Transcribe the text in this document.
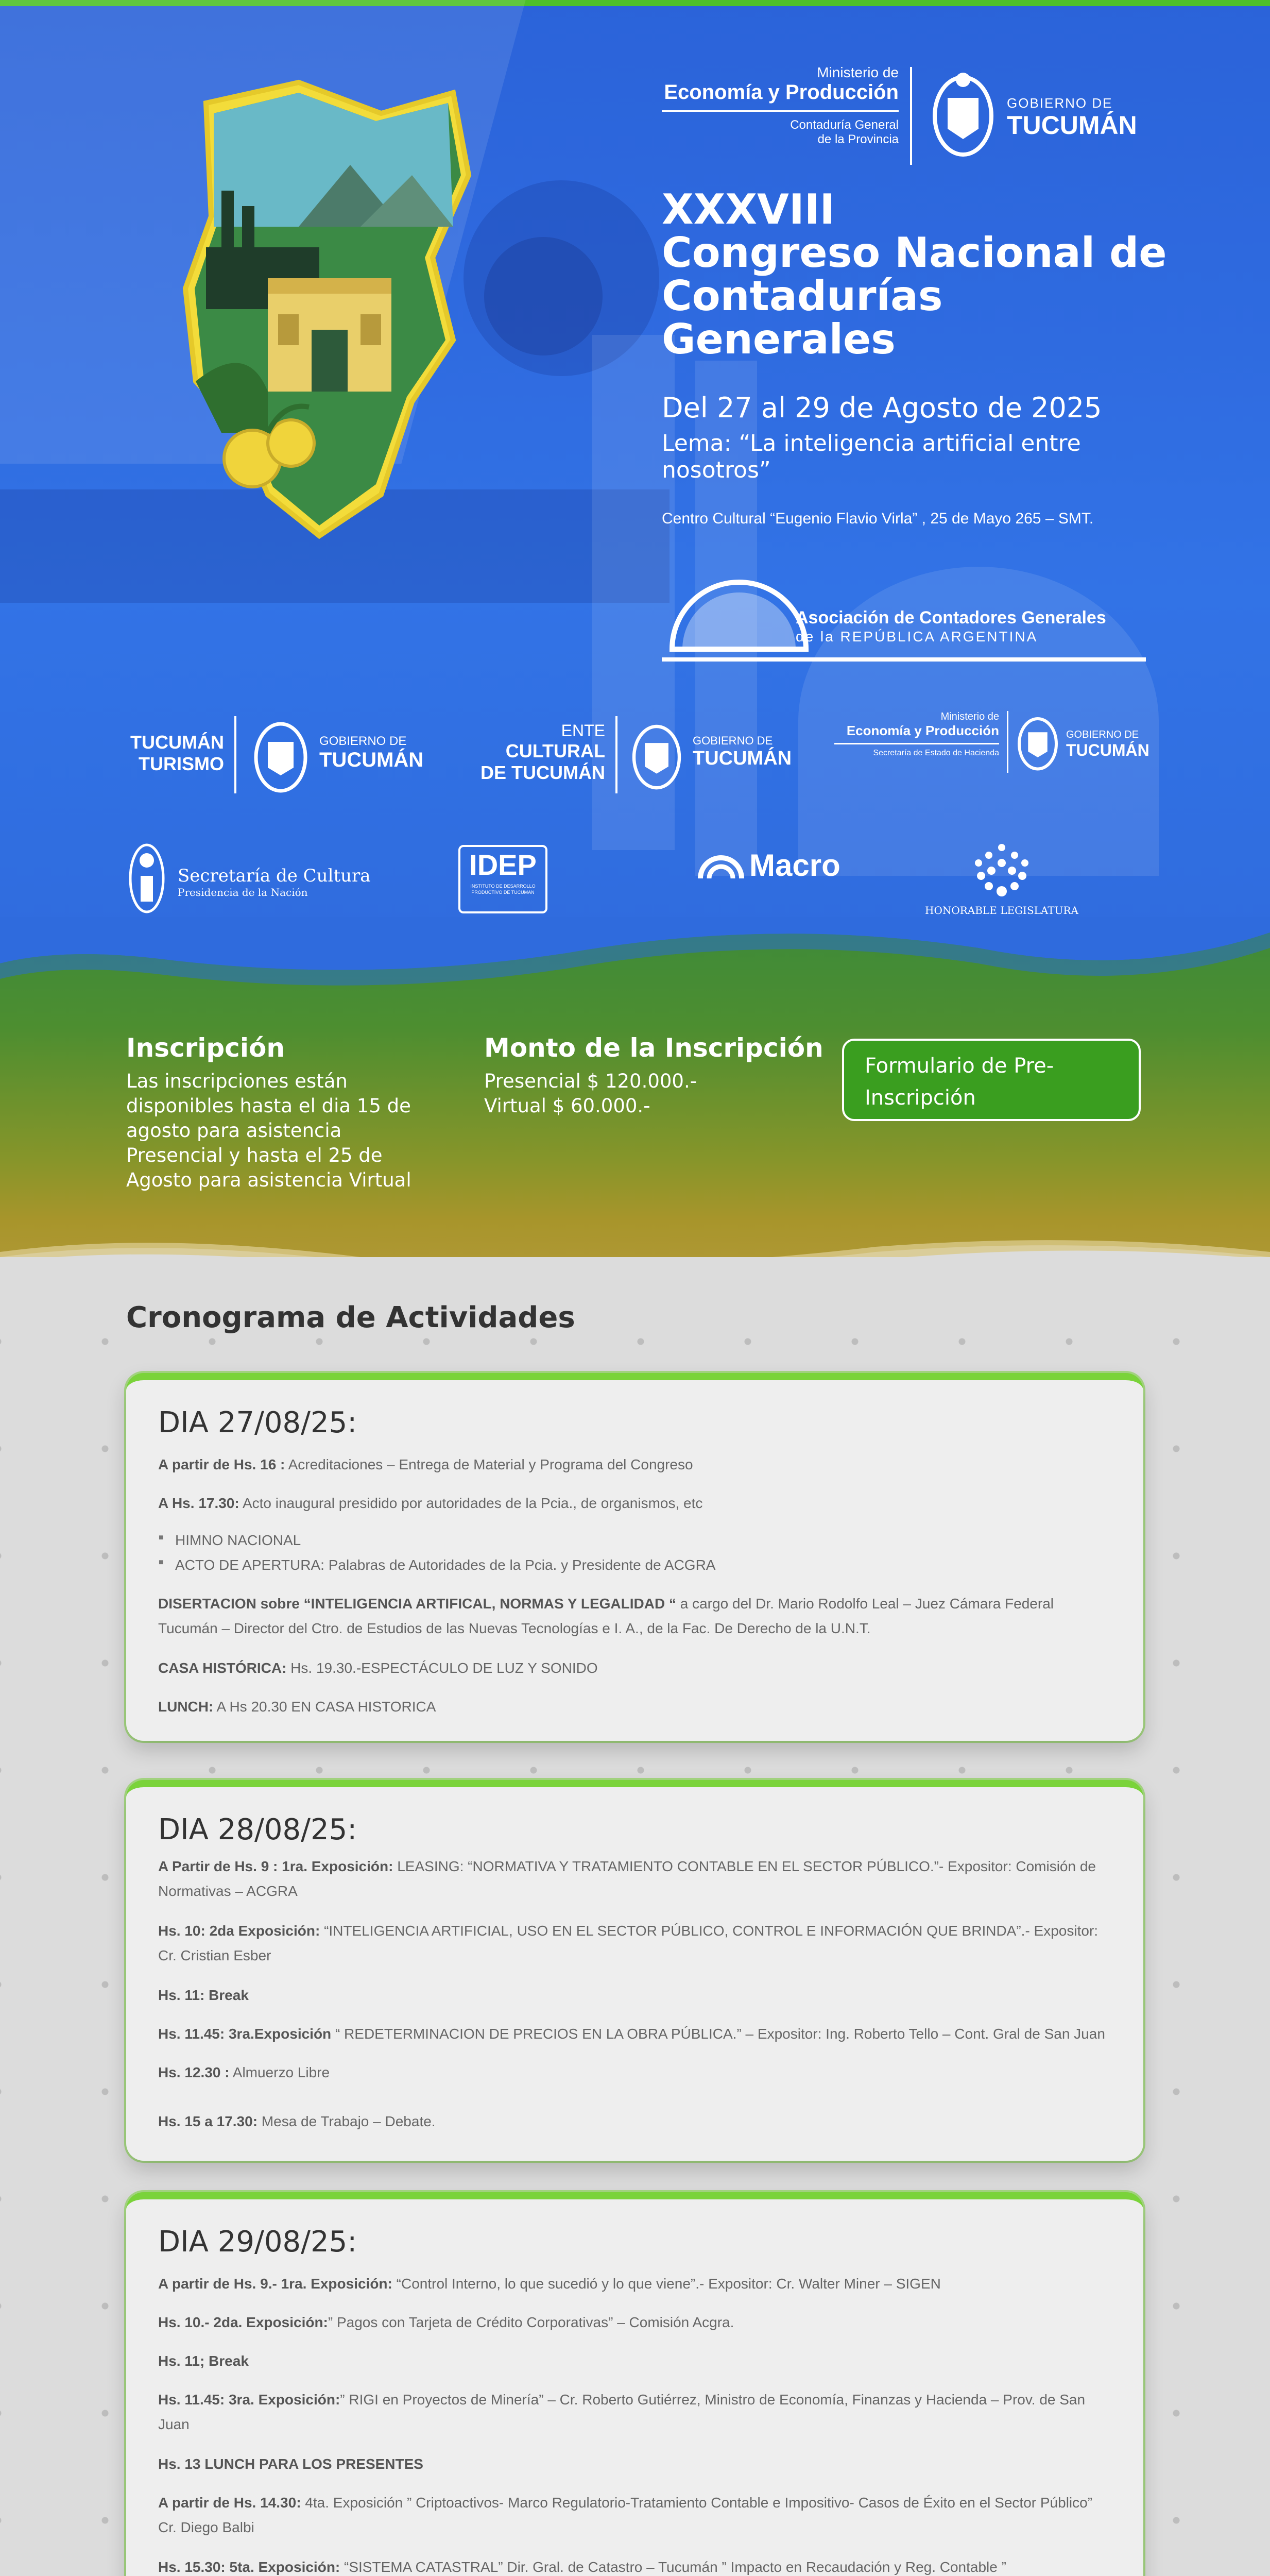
Ministerio de
Economía y Producción
Contaduría General
de la Provincia
GOBIERNO DE
TUCUMÁN
XXXVIII
Congreso Nacional de
Contadurías
Generales
Del 27 al 29 de Agosto de 2025
Lema: “La inteligencia artificial entre nosotros”
Centro Cultural “Eugenio Flavio Virla” , 25 de Mayo 265 – SMT.
Asociación de Contadores Generales
de la REPÚBLICA ARGENTINA
TUCUMÁN
TURISMO
GOBIERNO DE
TUCUMÁN
ENTE
CULTURAL
DE TUCUMÁN
GOBIERNO DE
TUCUMÁN
Ministerio de
Economía y Producción
Secretaría de Estado de Hacienda
GOBIERNO DE
TUCUMÁN
Secretaría de Cultura
Presidencia de la Nación
IDEP
INSTITUTO DE DESARROLLO PRODUCTIVO DE TUCUMÁN
Macro
HONORABLE LEGISLATURA
Inscripción
Las inscripciones están disponibles hasta el dia 15 de agosto para asistencia Presencial y hasta el 25 de Agosto para asistencia Virtual
Monto de la Inscripción
Presencial $ 120.000.-
Virtual $ 60.000.-
Formulario de Pre-Inscripción
Cronograma de Actividades
DIA 27/08/25:
A partir de Hs. 16 : Acreditaciones – Entrega de Material y Programa del Congreso
A Hs. 17.30: Acto inaugural presidido por autoridades de la Pcia., de organismos, etc
■ HIMNO NACIONAL
■ ACTO DE APERTURA: Palabras de Autoridades de la Pcia. y Presidente de ACGRA
DISERTACION sobre “INTELIGENCIA ARTIFICAL, NORMAS Y LEGALIDAD “ a cargo del Dr. Mario Rodolfo Leal – Juez Cámara Federal Tucumán – Director del Ctro. de Estudios de las Nuevas Tecnologías e I. A., de la Fac. De Derecho de la U.N.T.
CASA HISTÓRICA: Hs. 19.30.-ESPECTÁCULO DE LUZ Y SONIDO
LUNCH: A Hs 20.30 EN CASA HISTORICA
DIA 28/08/25:
A Partir de Hs. 9 : 1ra. Exposición: LEASING: “NORMATIVA Y TRATAMIENTO CONTABLE EN EL SECTOR PÚBLICO.”- Expositor: Comisión de Normativas – ACGRA
Hs. 10: 2da Exposición: “INTELIGENCIA ARTIFICIAL, USO EN EL SECTOR PÚBLICO, CONTROL E INFORMACIÓN QUE BRINDA”.- Expositor: Cr. Cristian Esber
Hs. 11: Break
Hs. 11.45: 3ra.Exposición “ REDETERMINACION DE PRECIOS EN LA OBRA PÚBLICA.” – Expositor: Ing. Roberto Tello – Cont. Gral de San Juan
Hs. 12.30 : Almuerzo Libre
Hs. 15 a 17.30: Mesa de Trabajo – Debate.
DIA 29/08/25:
A partir de Hs. 9.- 1ra. Exposición: “Control Interno, lo que sucedió y lo que viene”.- Expositor: Cr. Walter Miner – SIGEN
Hs. 10.- 2da. Exposición:” Pagos con Tarjeta de Crédito Corporativas” – Comisión Acgra.
Hs. 11; Break
Hs. 11.45: 3ra. Exposición:” RIGI en Proyectos de Minería” – Cr. Roberto Gutiérrez, Ministro de Economía, Finanzas y Hacienda – Prov. de San Juan
Hs. 13 LUNCH PARA LOS PRESENTES
A partir de Hs. 14.30: 4ta. Exposición ” Criptoactivos- Marco Regulatorio-Tratamiento Contable e Impositivo- Casos de Éxito en el Sector Público” Cr. Diego Balbi
Hs. 15.30: 5ta. Exposición: “SISTEMA CATASTRAL” Dir. Gral. de Catastro – Tucumán ” Impacto en Recaudación y Reg. Contable ”
